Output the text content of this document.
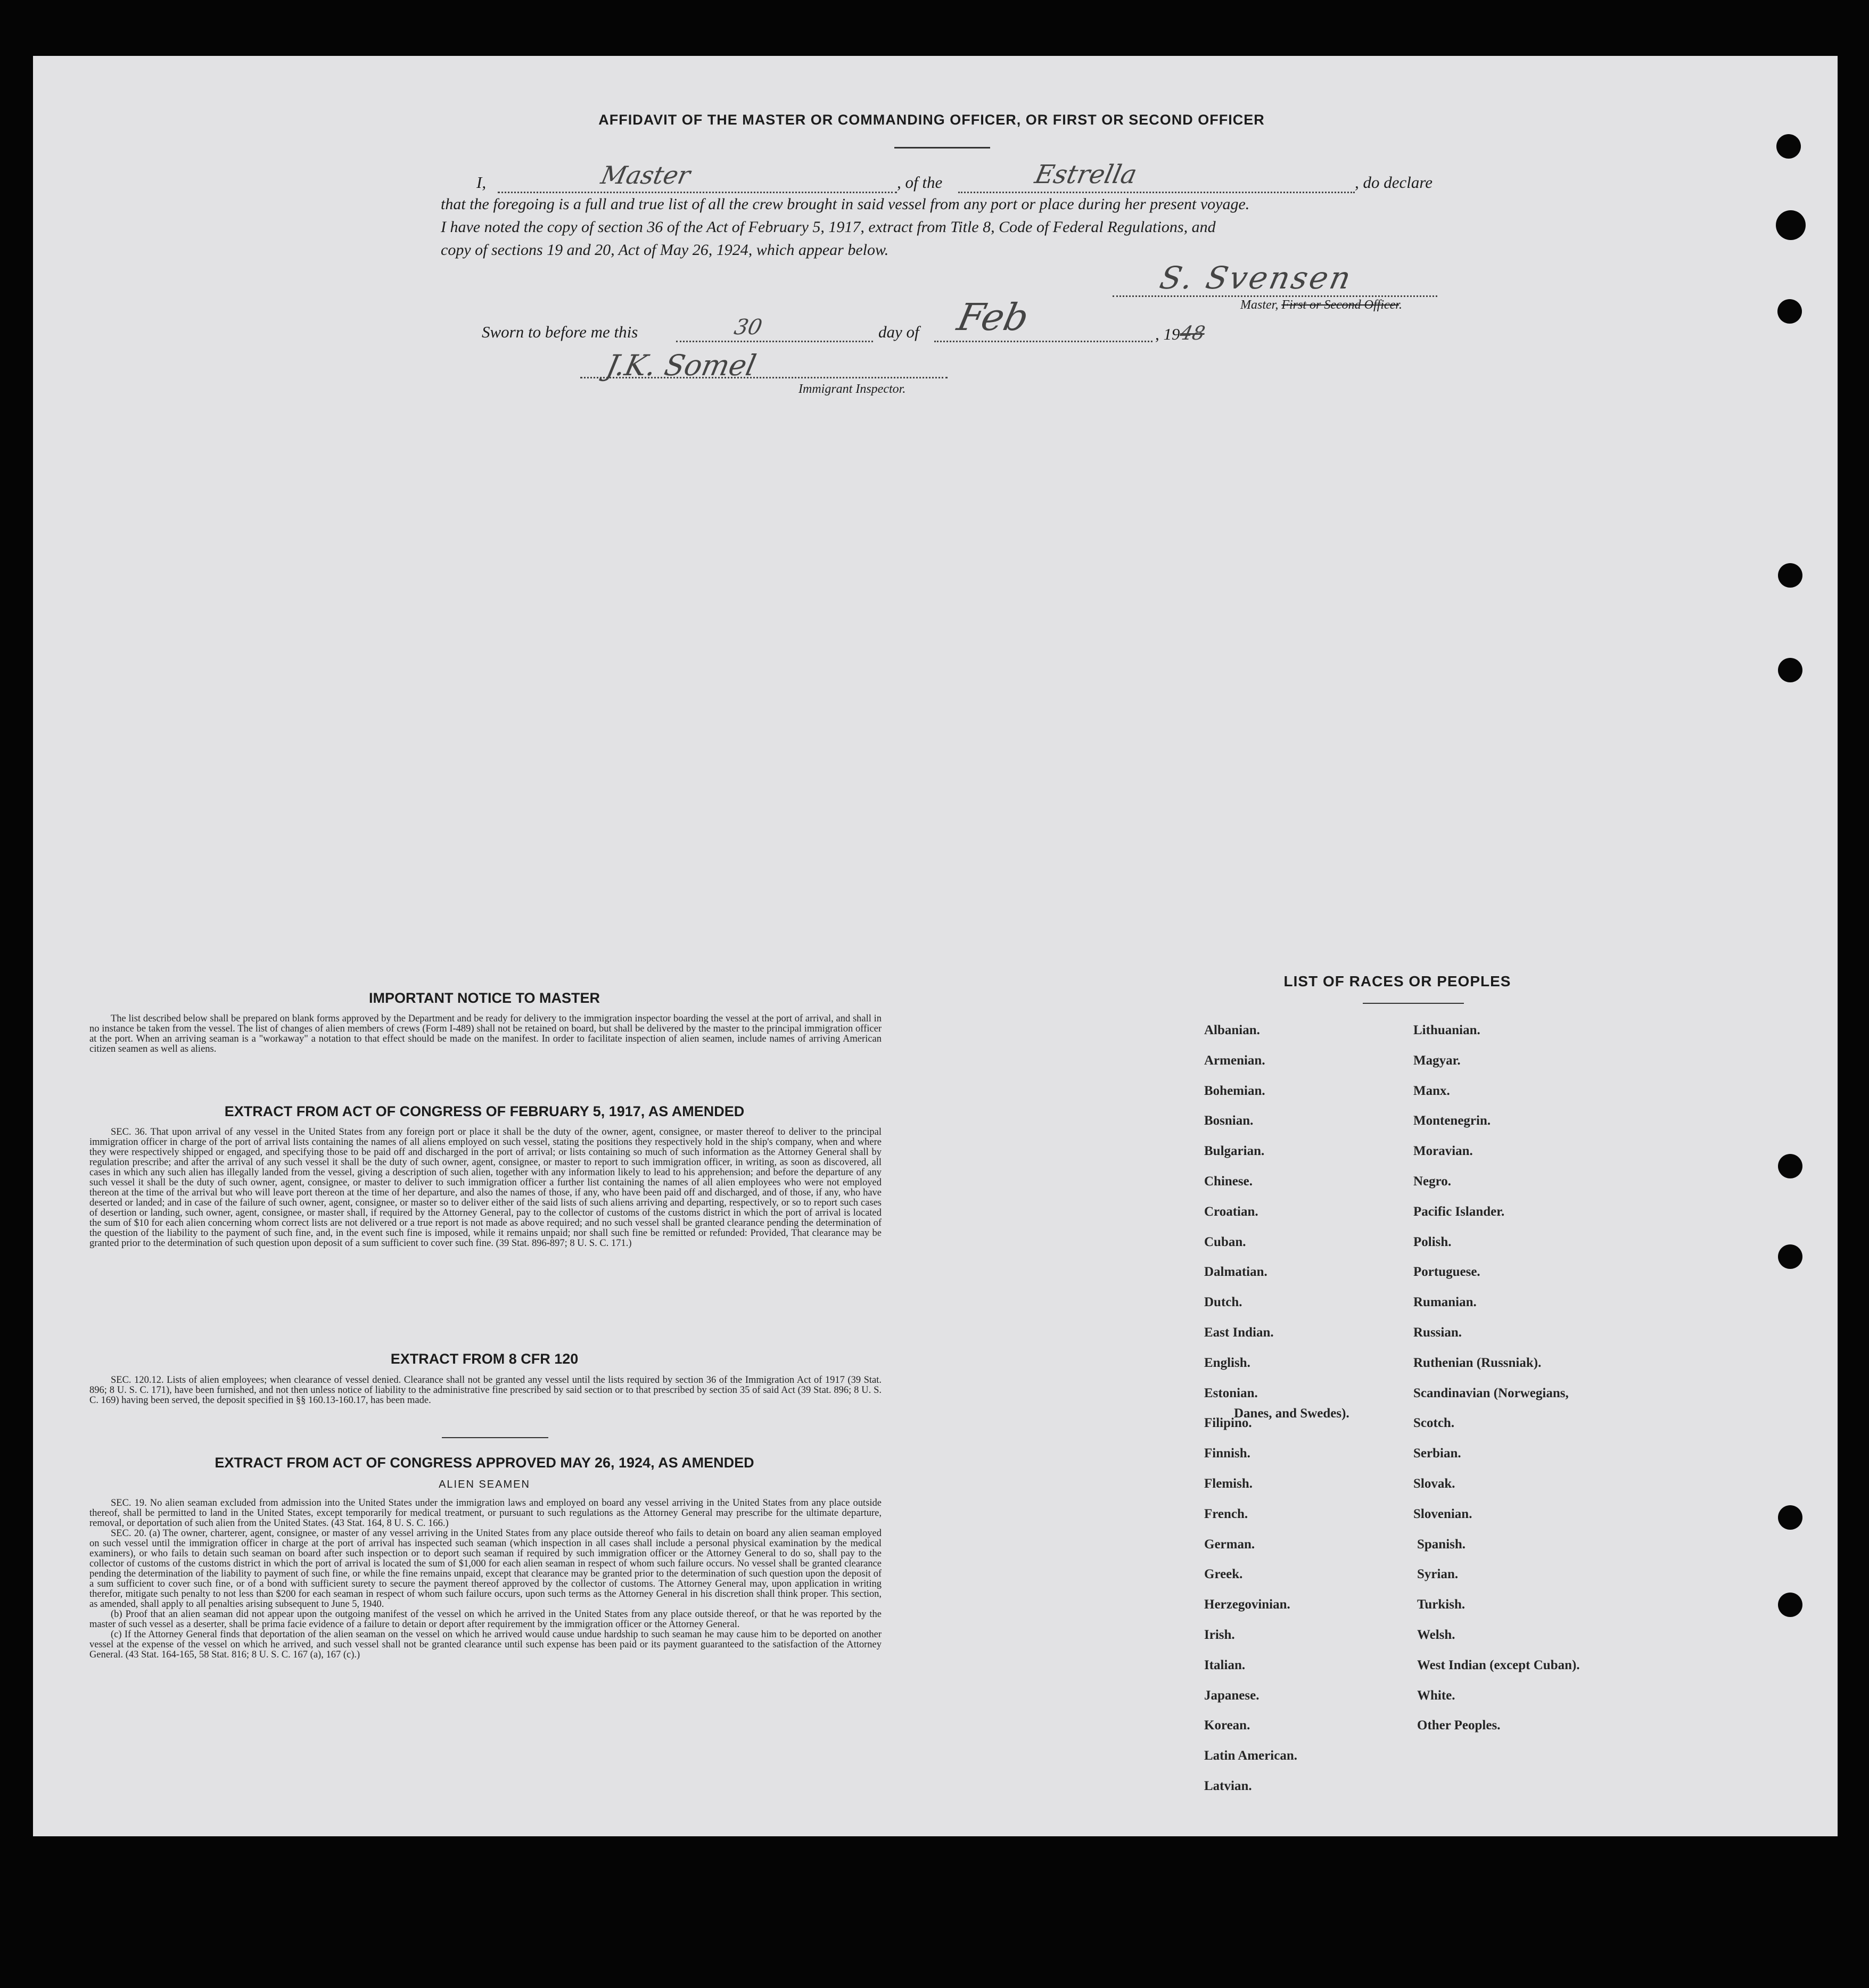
AFFIDAVIT OF THE MASTER OR COMMANDING OFFICER, OR FIRST OR SECOND OFFICER
I,	Master	, of the	Estrella	, do declare
that the foregoing is a full and true list of all the crew brought in said vessel from any port or place during her present voyage.
I have noted the copy of section 36 of the Act of February 5, 1917, extract from Title 8, Code of Federal Regulations, and
copy of sections 19 and 20, Act of May 26, 1924, which appear below.
S. Svensen
Master, First or Second Officer.
Sworn to before me this	30	day of Feb	, 1948
J.K. Somel
Immigrant Inspector.
IMPORTANT NOTICE TO MASTER

The list described below shall be prepared on blank forms approved by the Department and be ready for delivery to the immigration inspector boarding the vessel at the port of arrival, and shall in no instance be taken from the vessel. The list of changes of alien members of crews (Form I-489) shall not be retained on board, but shall be delivered by the master to the principal immigration officer at the port. When an arriving seaman is a "workaway" a notation to that effect should be made on the manifest. In order to facilitate inspection of alien seamen, include names of arriving American citizen seamen as well as aliens.

EXTRACT FROM ACT OF CONGRESS OF FEBRUARY 5, 1917, AS AMENDED

SEC. 36. That upon arrival of any vessel in the United States from any foreign port or place it shall be the duty of the owner, agent, consignee, or master thereof to deliver to the principal immigration officer in charge of the port of arrival lists containing the names of all aliens employed on such vessel, stating the positions they respectively hold in the ship's company, when and where they were respectively shipped or engaged, and specifying those to be paid off and discharged in the port of arrival; or lists containing so much of such information as the Attorney General shall by regulation prescribe; and after the arrival of any such vessel it shall be the duty of such owner, agent, consignee, or master to report to such immigration officer, in writing, as soon as discovered, all cases in which any such alien has illegally landed from the vessel, giving a description of such alien, together with any information likely to lead to his apprehension; and before the departure of any such vessel it shall be the duty of such owner, agent, consignee, or master to deliver to such immigration officer a further list containing the names of all alien employees who were not employed thereon at the time of the arrival but who will leave port thereon at the time of her departure, and also the names of those, if any, who have been paid off and discharged, and of those, if any, who have deserted or landed; and in case of the failure of such owner, agent, consignee, or master so to deliver either of the said lists of such aliens arriving and departing, respectively, or so to report such cases of desertion or landing, such owner, agent, consignee, or master shall, if required by the Attorney General, pay to the collector of customs of the customs district in which the port of arrival is located the sum of $10 for each alien concerning whom correct lists are not delivered or a true report is not made as above required; and no such vessel shall be granted clearance pending the determination of the question of the liability to the payment of such fine, and, in the event such fine is imposed, while it remains unpaid; nor shall such fine be remitted or refunded: Provided, That clearance may be granted prior to the determination of such question upon deposit of a sum sufficient to cover such fine. (39 Stat. 896-897; 8 U. S. C. 171.)

EXTRACT FROM 8 CFR 120

SEC. 120.12. Lists of alien employees; when clearance of vessel denied. Clearance shall not be granted any vessel until the lists required by section 36 of the Immigration Act of 1917 (39 Stat. 896; 8 U. S. C. 171), have been furnished, and not then unless notice of liability to the administrative fine prescribed by said section or to that prescribed by section 35 of said Act (39 Stat. 896; 8 U. S. C. 169) having been served, the deposit specified in §§ 160.13-160.17, has been made.

EXTRACT FROM ACT OF CONGRESS APPROVED MAY 26, 1924, AS AMENDED
ALIEN SEAMEN

SEC. 19. No alien seaman excluded from admission into the United States under the immigration laws and employed on board any vessel arriving in the United States from any place outside thereof, shall be permitted to land in the United States, except temporarily for medical treatment, or pursuant to such regulations as the Attorney General may prescribe for the ultimate departure, removal, or deportation of such alien from the United States. (43 Stat. 164, 8 U. S. C. 166.)

SEC. 20. (a) The owner, charterer, agent, consignee, or master of any vessel arriving in the United States from any place outside thereof who fails to detain on board any alien seaman employed on such vessel until the immigration officer in charge at the port of arrival has inspected such seaman (which inspection in all cases shall include a personal physical examination by the medical examiners), or who fails to detain such seaman on board after such inspection or to deport such seaman if required by such immigration officer or the Attorney General to do so, shall pay to the collector of customs of the customs district in which the port of arrival is located the sum of $1,000 for each alien seaman in respect of whom such failure occurs. No vessel shall be granted clearance pending the determination of the liability to payment of such fine, or while the fine remains unpaid, except that clearance may be granted prior to the determination of such question upon the deposit of a sum sufficient to cover such fine, or of a bond with sufficient surety to secure the payment thereof approved by the collector of customs. The Attorney General may, upon application in writing therefor, mitigate such penalty to not less than $200 for each seaman in respect of whom such failure occurs, upon such terms as the Attorney General in his discretion shall think proper. This section, as amended, shall apply to all penalties arising subsequent to June 5, 1940.

(b) Proof that an alien seaman did not appear upon the outgoing manifest of the vessel on which he arrived in the United States from any place outside thereof, or that he was reported by the master of such vessel as a deserter, shall be prima facie evidence of a failure to detain or deport after requirement by the immigration officer or the Attorney General.

(c) If the Attorney General finds that deportation of the alien seaman on the vessel on which he arrived would cause undue hardship to such seaman he may cause him to be deported on another vessel at the expense of the vessel on which he arrived, and such vessel shall not be granted clearance until such expense has been paid or its payment guaranteed to the satisfaction of the Attorney General. (43 Stat. 164-165, 58 Stat. 816; 8 U. S. C. 167 (a), 167 (c).)

LIST OF RACES OR PEOPLES
Albanian.
Armenian.
Bohemian.
Bosnian.
Bulgarian.
Chinese.
Croatian.
Cuban.
Dalmatian.
Dutch.
East Indian.
English.
Estonian.
Filipino.
Finnish.
Flemish.
French.
German.
Greek.
Herzegovinian.
Irish.
Italian.
Japanese.
Korean.
Latin American.
Latvian.
Lithuanian.
Magyar.
Manx.
Montenegrin.
Moravian.
Negro.
Pacific Islander.
Polish.
Portuguese.
Rumanian.
Russian.
Ruthenian (Russniak).
Scandinavian (Norwegians,
Danes, and Swedes).
Scotch.
Serbian.
Slovak.
Slovenian.
Spanish.
Syrian.
Turkish.
Welsh.
West Indian (except Cuban).
White.
Other Peoples.
